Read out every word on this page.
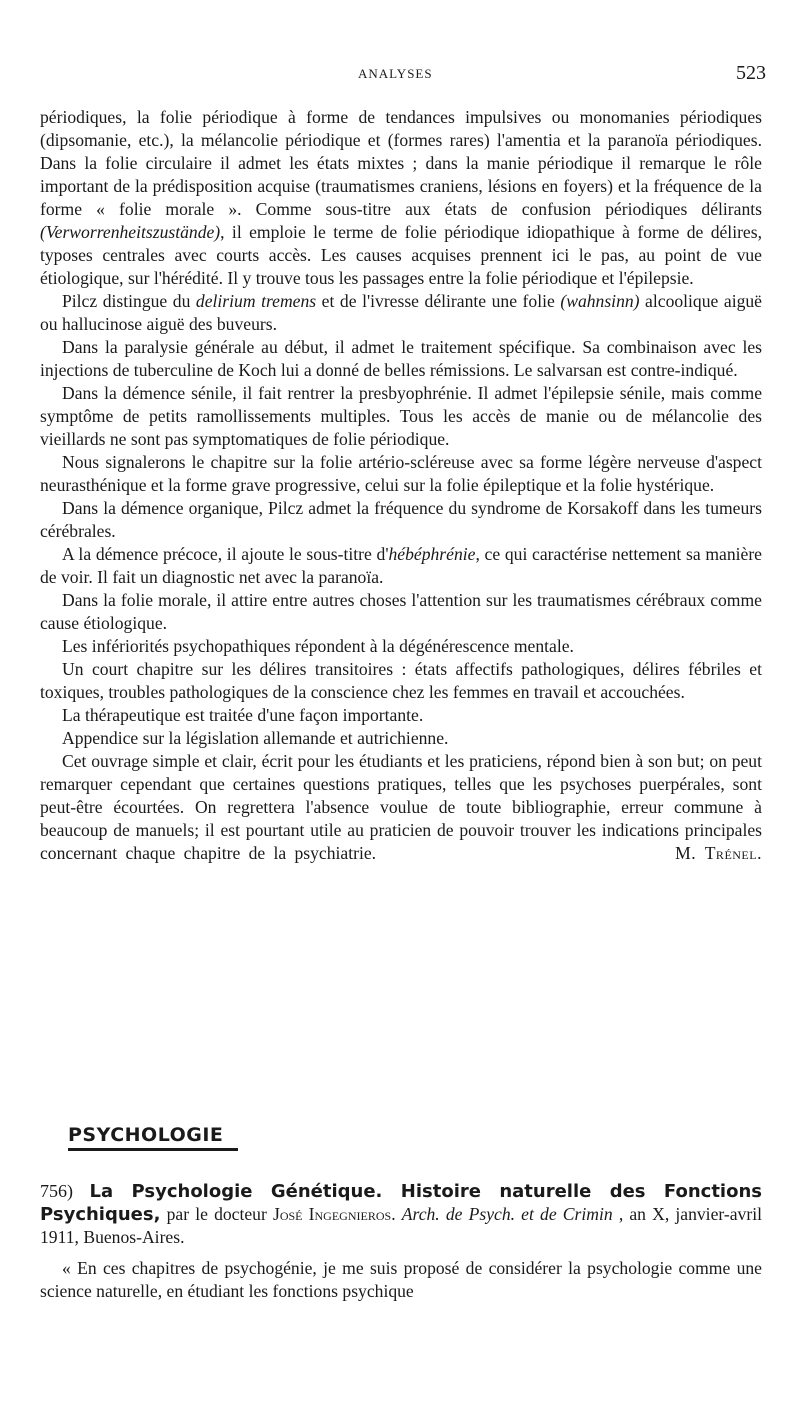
ANALYSES	523

périodiques, la folie périodique à forme de tendances impulsives ou monomanies périodiques (dipsomanie, etc.), la mélancolie périodique et (formes rares) l'amentia et la paranoïa périodiques. Dans la folie circulaire il admet les états mixtes ; dans la manie périodique il remarque le rôle important de la prédisposition acquise (traumatismes craniens, lésions en foyers) et la fréquence de la forme « folie morale ». Comme sous-titre aux états de confusion périodiques délirants (Verworrenheitszustände), il emploie le terme de folie périodique idiopathique à forme de délires, typoses centrales avec courts accès. Les causes acquises prennent ici le pas, au point de vue étiologique, sur l'hérédité. Il y trouve tous les passages entre la folie périodique et l'épilepsie.

Pilcz distingue du delirium tremens et de l'ivresse délirante une folie (wahnsinn) alcoolique aiguë ou hallucinose aiguë des buveurs.

Dans la paralysie générale au début, il admet le traitement spécifique. Sa combinaison avec les injections de tuberculine de Koch lui a donné de belles rémissions. Le salvarsan est contre-indiqué.

Dans la démence sénile, il fait rentrer la presbyophrénie. Il admet l'épilepsie sénile, mais comme symptôme de petits ramollissements multiples. Tous les accès de manie ou de mélancolie des vieillards ne sont pas symptomatiques de folie périodique.

Nous signalerons le chapitre sur la folie artério-scléreuse avec sa forme légère nerveuse d'aspect neurasthénique et la forme grave progressive, celui sur la folie épileptique et la folie hystérique.

Dans la démence organique, Pilcz admet la fréquence du syndrome de Korsakoff dans les tumeurs cérébrales.

A la démence précoce, il ajoute le sous-titre d'hébéphrénie, ce qui caractérise nettement sa manière de voir. Il fait un diagnostic net avec la paranoïa.

Dans la folie morale, il attire entre autres choses l'attention sur les traumatismes cérébraux comme cause étiologique.

Les infériorités psychopathiques répondent à la dégénérescence mentale.

Un court chapitre sur les délires transitoires : états affectifs pathologiques, délires fébriles et toxiques, troubles pathologiques de la conscience chez les femmes en travail et accouchées.

La thérapeutique est traitée d'une façon importante.

Appendice sur la législation allemande et autrichienne.

Cet ouvrage simple et clair, écrit pour les étudiants et les praticiens, répond bien à son but; on peut remarquer cependant que certaines questions pratiques, telles que les psychoses puerpérales, sont peut-être écourtées. On regrettera l'absence voulue de toute bibliographie, erreur commune à beaucoup de manuels; il est pourtant utile au praticien de pouvoir trouver les indications principales concernant chaque chapitre de la psychiatrie.	M. Trénel.

PSYCHOLOGIE

756) La Psychologie Génétique. Histoire naturelle des Fonctions Psychiques, par le docteur José Ingegnieros. Arch. de Psych. et de Crimin , an X, janvier-avril 1911, Buenos-Aires.

« En ces chapitres de psychogénie, je me suis proposé de considérer la psychologie comme une science naturelle, en étudiant les fonctions psychique
